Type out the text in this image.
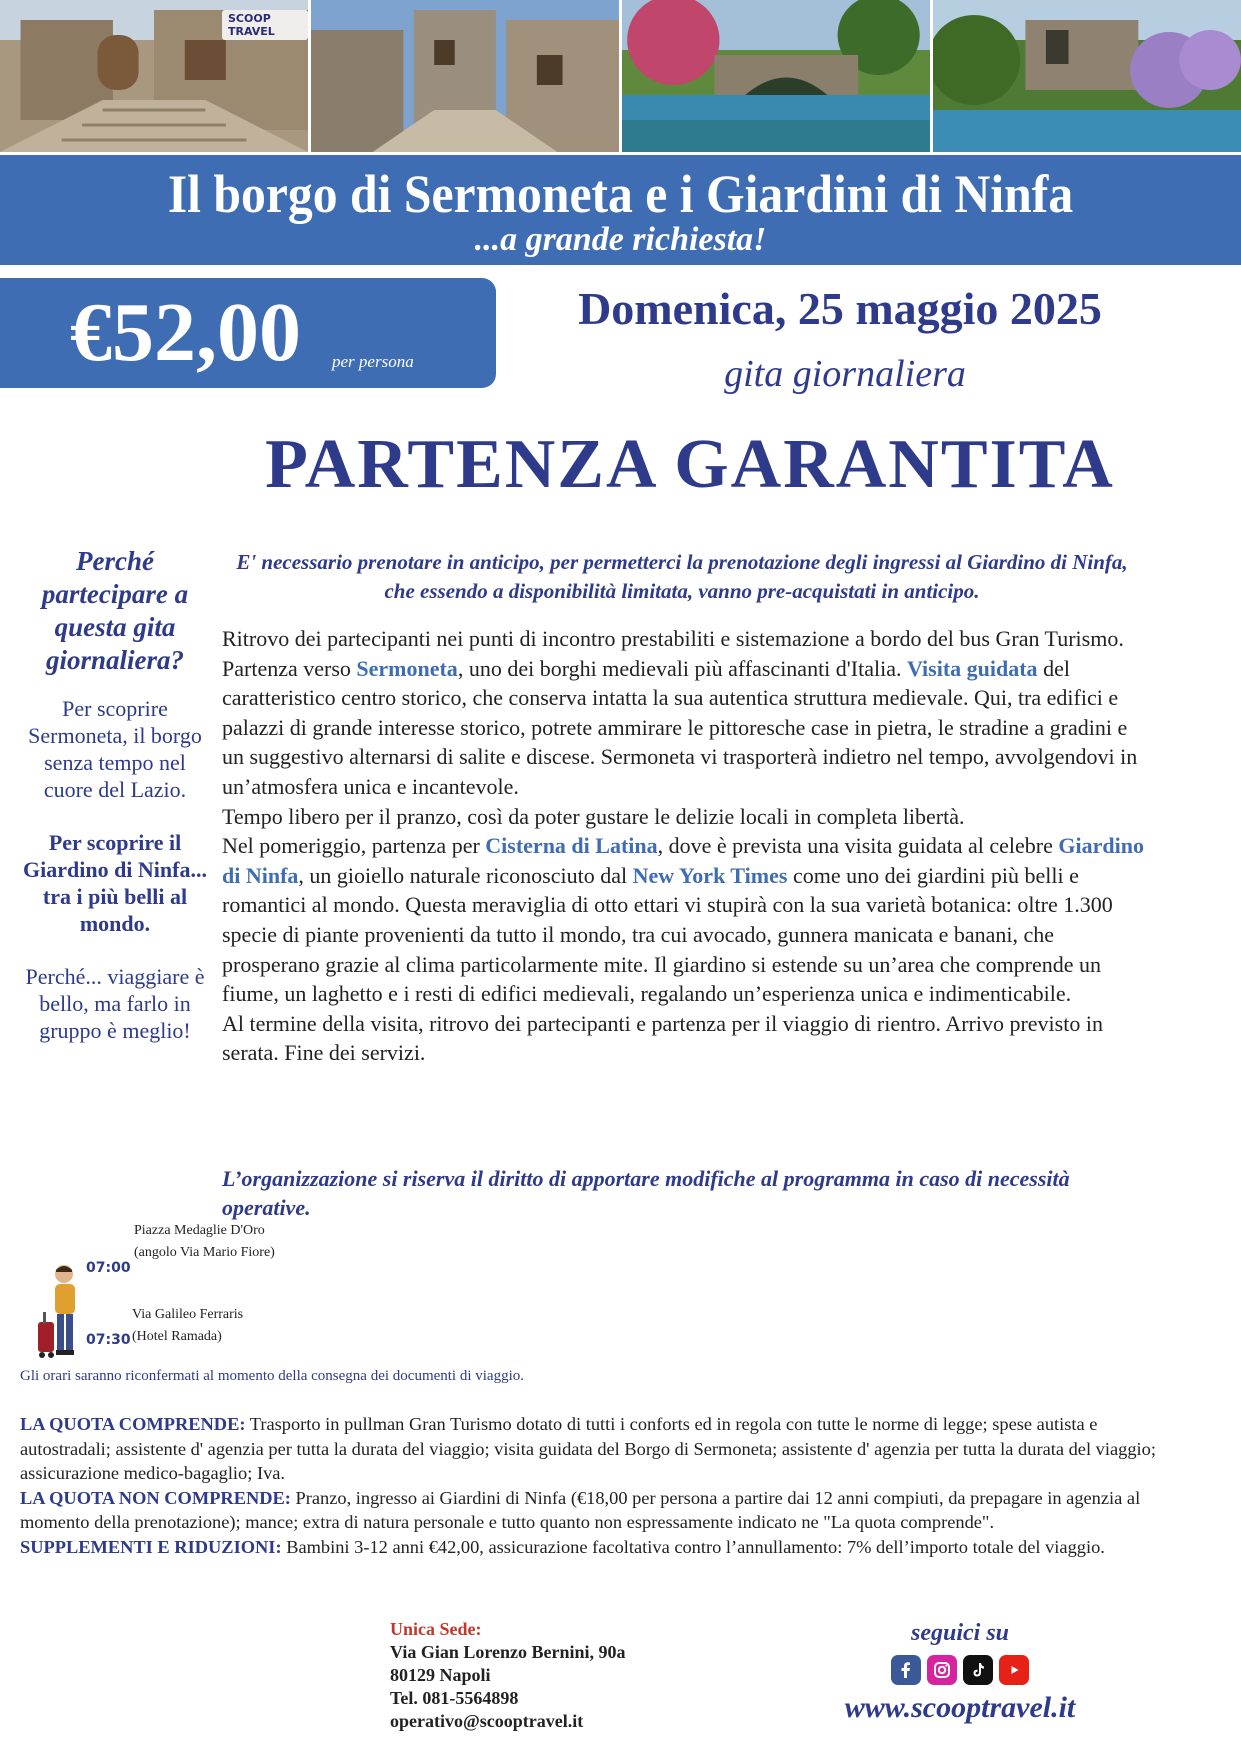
SCOOP TRAVEL
Il borgo di Sermoneta e i Giardini di Ninfa
...a grande richiesta!
€52,00 per persona
Domenica, 25 maggio 2025
gita giornaliera
PARTENZA GARANTITA

Perché partecipare a questa gita giornaliera?

Per scoprire Sermoneta, il borgo senza tempo nel cuore del Lazio.

Per scoprire il Giardino di Ninfa...
tra i più belli al mondo.

Perché... viaggiare è bello, ma farlo in gruppo è meglio!

E' necessario prenotare in anticipo, per permetterci la prenotazione degli ingressi al Giardino di Ninfa, che essendo a disponibilità limitata, vanno pre-acquistati in anticipo.
Ritrovo dei partecipanti nei punti di incontro prestabiliti e sistemazione a bordo del bus Gran Turismo. Partenza verso Sermoneta, uno dei borghi medievali più affascinanti d'Italia. Visita guidata del caratteristico centro storico, che conserva intatta la sua autentica struttura medievale. Qui, tra edifici e palazzi di grande interesse storico, potrete ammirare le pittoresche case in pietra, le stradine a gradini e un suggestivo alternarsi di salite e discese. Sermoneta vi trasporterà indietro nel tempo, avvolgendovi in un’atmosfera unica e incantevole.
Tempo libero per il pranzo, così da poter gustare le delizie locali in completa libertà.
Nel pomeriggio, partenza per Cisterna di Latina, dove è prevista una visita guidata al celebre Giardino di Ninfa, un gioiello naturale riconosciuto dal New York Times come uno dei giardini più belli e romantici al mondo. Questa meraviglia di otto ettari vi stupirà con la sua varietà botanica: oltre 1.300 specie di piante provenienti da tutto il mondo, tra cui avocado, gunnera manicata e banani, che prosperano grazie al clima particolarmente mite. Il giardino si estende su un’area che comprende un fiume, un laghetto e i resti di edifici medievali, regalando un’esperienza unica e indimenticabile.
Al termine della visita, ritrovo dei partecipanti e partenza per il viaggio di rientro. Arrivo previsto in serata. Fine dei servizi.
L’organizzazione si riserva il diritto di apportare modifiche al programma in caso di necessità operative.
Piazza Medaglie D'Oro
(angolo Via Mario Fiore)
07:00
Via Galileo Ferraris
(Hotel Ramada)
07:30
Gli orari saranno riconfermati al momento della consegna dei documenti di viaggio.
LA QUOTA COMPRENDE: Trasporto in pullman Gran Turismo dotato di tutti i conforts ed in regola con tutte le norme di legge; spese autista e autostradali; assistente d' agenzia per tutta la durata del viaggio; visita guidata del Borgo di Sermoneta; assistente d' agenzia per tutta la durata del viaggio; assicurazione medico-bagaglio; Iva.
LA QUOTA NON COMPRENDE: Pranzo, ingresso ai Giardini di Ninfa (€18,00 per persona a partire dai 12 anni compiuti, da prepagare in agenzia al momento della prenotazione); mance; extra di natura personale e tutto quanto non espressamente indicato ne "La quota comprende".
SUPPLEMENTI E RIDUZIONI: Bambini 3-12 anni €42,00, assicurazione facoltativa contro l’annullamento: 7% dell’importo totale del viaggio.
Unica Sede:
Via Gian Lorenzo Bernini, 90a
80129 Napoli
Tel. 081-5564898
operativo@scooptravel.it
seguici su
www.scooptravel.it
